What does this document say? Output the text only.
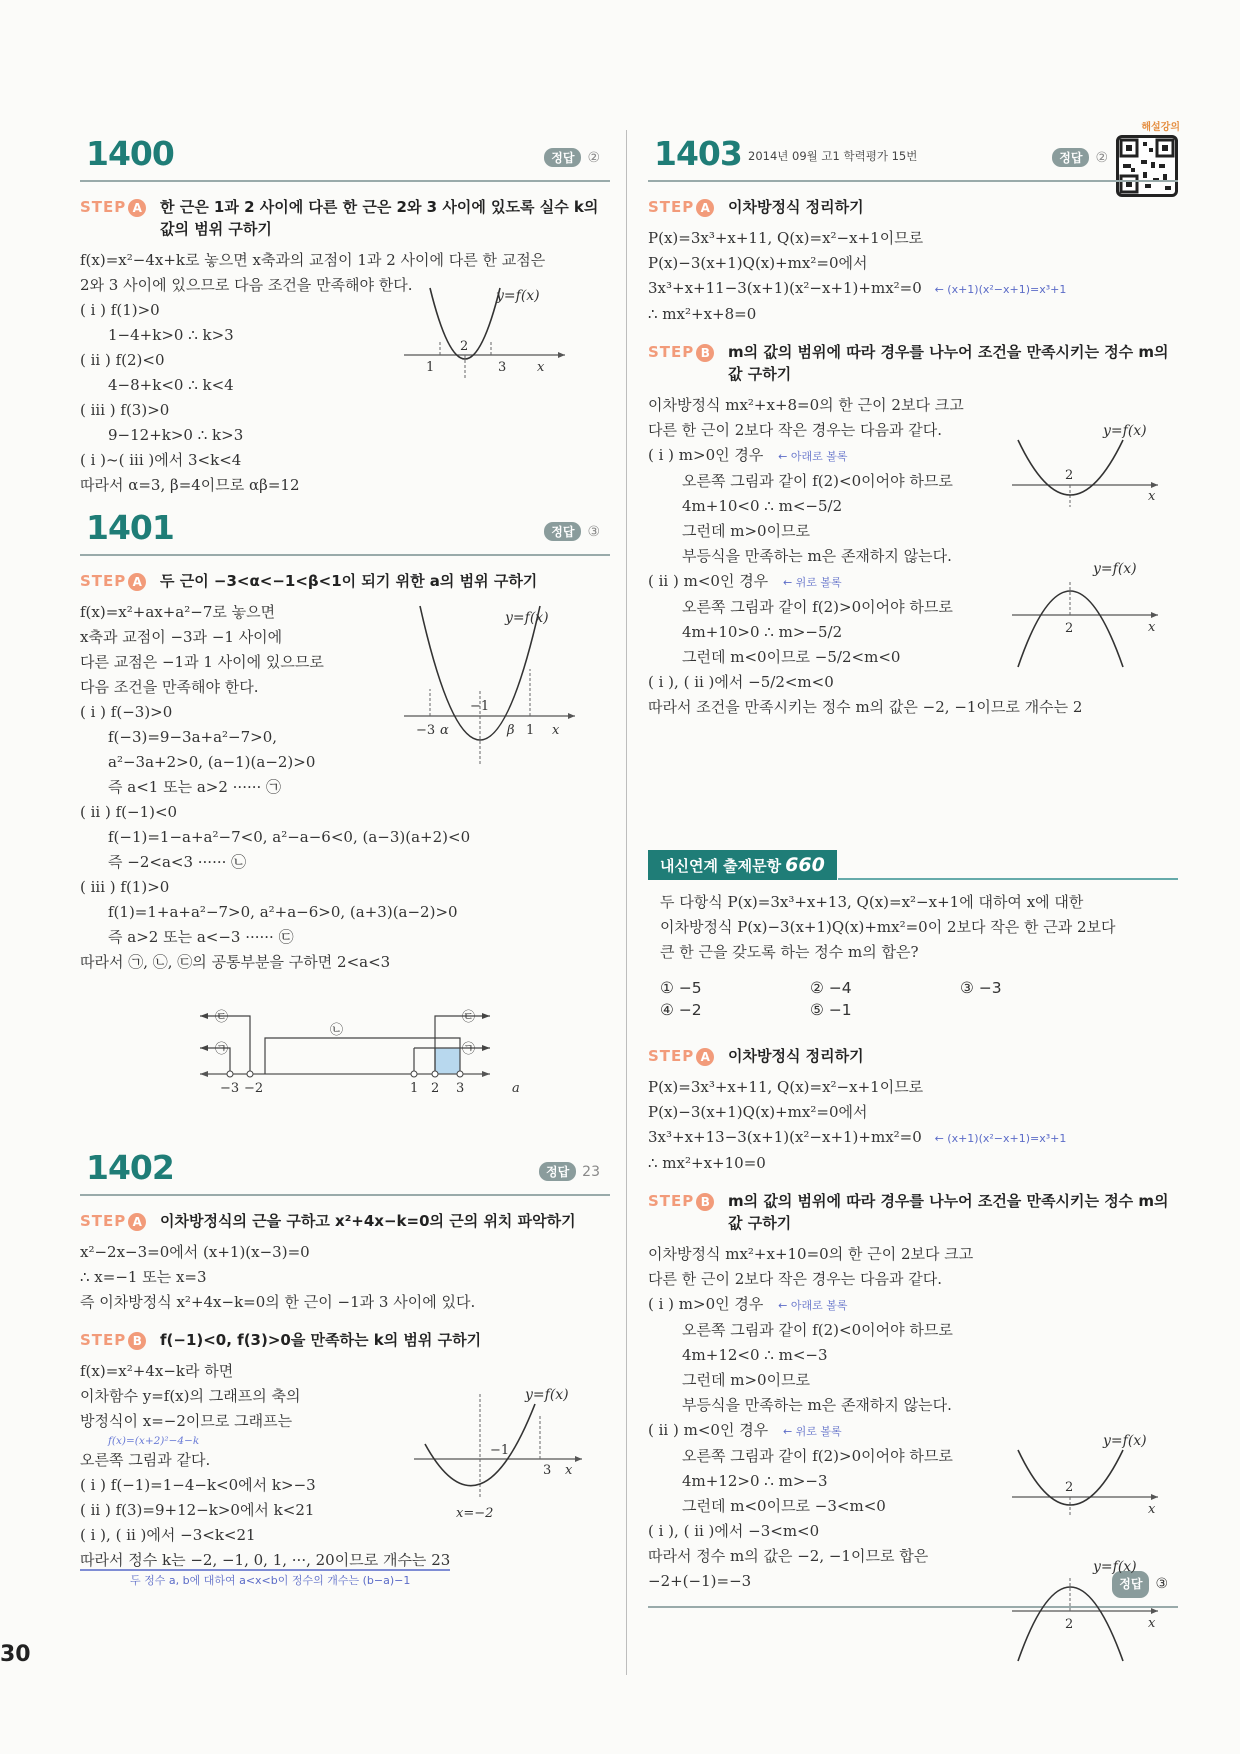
30
해설강의
1400	정답 ②
STEP A 한 근은 1과 2 사이에 다른 한 근은 2와 3 사이에 있도록 실수 k의 값의 범위 구하기
f(x)=x²−4x+k로 놓으면 x축과의 교점이 1과 2 사이에 다른 한 교점은
2와 3 사이에 있으므로 다음 조건을 만족해야 한다.
( i ) f(1)>0
1−4+k>0 ∴ k>3
( ii ) f(2)<0
4−8+k<0 ∴ k<4
( iii ) f(3)>0
9−12+k>0 ∴ k>3
( i )~( iii )에서 3<k<4
따라서 α=3, β=4이므로 αβ=12
y=f(x)
1
2
3 x
1401	정답 ③
STEP A 두 근이 −3<α<−1<β<1이 되기 위한 a의 범위 구하기
f(x)=x²+ax+a²−7로 놓으면
x축과 교점이 −3과 −1 사이에
다른 교점은 −1과 1 사이에 있으므로
다음 조건을 만족해야 한다.
( i ) f(−3)>0
f(−3)=9−3a+a²−7>0,
a²−3a+2>0, (a−1)(a−2)>0
즉 a<1 또는 a>2 ······ ㉠
( ii ) f(−1)<0
f(−1)=1−a+a²−7<0, a²−a−6<0, (a−3)(a+2)<0
즉 −2<a<3 ······ ㉡
( iii ) f(1)>0
f(1)=1+a+a²−7>0, a²+a−6>0, (a+3)(a−2)>0
즉 a>2 또는 a<−3 ······ ㉢
따라서 ㉠, ㉡, ㉢의 공통부분을 구하면 2<a<3
y=f(x)
−3 α
−1
β 1 x
㉢
㉠
㉡
㉢
㉠
−3 −2	1 2 3	a
1402	정답 23
STEP A 이차방정식의 근을 구하고 x²+4x−k=0의 근의 위치 파악하기
x²−2x−3=0에서 (x+1)(x−3)=0
∴ x=−1 또는 x=3
즉 이차방정식 x²+4x−k=0의 한 근이 −1과 3 사이에 있다.
STEP B f(−1)<0, f(3)>0을 만족하는 k의 범위 구하기
f(x)=x²+4x−k라 하면
이차함수 y=f(x)의 그래프의 축의
방정식이 x=−2이므로 그래프는
f(x)=(x+2)²−4−k
오른쪽 그림과 같다.
( i ) f(−1)=1−4−k<0에서 k>−3
( ii ) f(3)=9+12−k>0에서 k<21
( i ), ( ii )에서 −3<k<21
따라서 정수 k는 −2, −1, 0, 1, ···, 20이므로 개수는 23
두 정수 a, b에 대하여 a<x<b이 정수의 개수는 (b−a)−1
y=f(x)
−1
3 x
x=−2
1403 2014년 09월 고1 학력평가 15번	정답 ②
STEP A 이차방정식 정리하기
P(x)=3x³+x+11, Q(x)=x²−x+1이므로
P(x)−3(x+1)Q(x)+mx²=0에서
3x³+x+11−3(x+1)(x²−x+1)+mx²=0 ← (x+1)(x²−x+1)=x³+1
∴ mx²+x+8=0
STEP B m의 값의 범위에 따라 경우를 나누어 조건을 만족시키는 정수 m의 값 구하기
이차방정식 mx²+x+8=0의 한 근이 2보다 크고
다른 한 근이 2보다 작은 경우는 다음과 같다.
( i ) m>0인 경우 ← 아래로 볼록
오른쪽 그림과 같이 f(2)<0이어야 하므로
4m+10<0 ∴ m<−5/2
그런데 m>0이므로
부등식을 만족하는 m은 존재하지 않는다.
( ii ) m<0인 경우 ← 위로 볼록
오른쪽 그림과 같이 f(2)>0이어야 하므로
4m+10>0 ∴ m>−5/2
그런데 m<0이므로 −5/2<m<0
( i ), ( ii )에서 −5/2<m<0
따라서 조건을 만족시키는 정수 m의 값은 −2, −1이므로 개수는 2
y=f(x)
2
x
y=f(x)
2	x
내신연계 출제문항 660
두 다항식 P(x)=3x³+x+13, Q(x)=x²−x+1에 대하여 x에 대한
이차방정식 P(x)−3(x+1)Q(x)+mx²=0이 2보다 작은 한 근과 2보다
큰 한 근을 갖도록 하는 정수 m의 합은?
① −5	② −4	③ −3
④ −2	⑤ −1
STEP A 이차방정식 정리하기
P(x)=3x³+x+11, Q(x)=x²−x+1이므로
P(x)−3(x+1)Q(x)+mx²=0에서
3x³+x+13−3(x+1)(x²−x+1)+mx²=0 ← (x+1)(x²−x+1)=x³+1
∴ mx²+x+10=0
STEP B m의 값의 범위에 따라 경우를 나누어 조건을 만족시키는 정수 m의 값 구하기
이차방정식 mx²+x+10=0의 한 근이 2보다 크고
다른 한 근이 2보다 작은 경우는 다음과 같다.
( i ) m>0인 경우 ← 아래로 볼록
오른쪽 그림과 같이 f(2)<0이어야 하므로
4m+12<0 ∴ m<−3
그런데 m>0이므로
부등식을 만족하는 m은 존재하지 않는다.
( ii ) m<0인 경우 ← 위로 볼록
오른쪽 그림과 같이 f(2)>0이어야 하므로
4m+12>0 ∴ m>−3
그런데 m<0이므로 −3<m<0
( i ), ( ii )에서 −3<m<0
따라서 정수 m의 값은 −2, −1이므로 합은
−2+(−1)=−3	정답 ③
y=f(x)
2
x
y=f(x)
2	x
